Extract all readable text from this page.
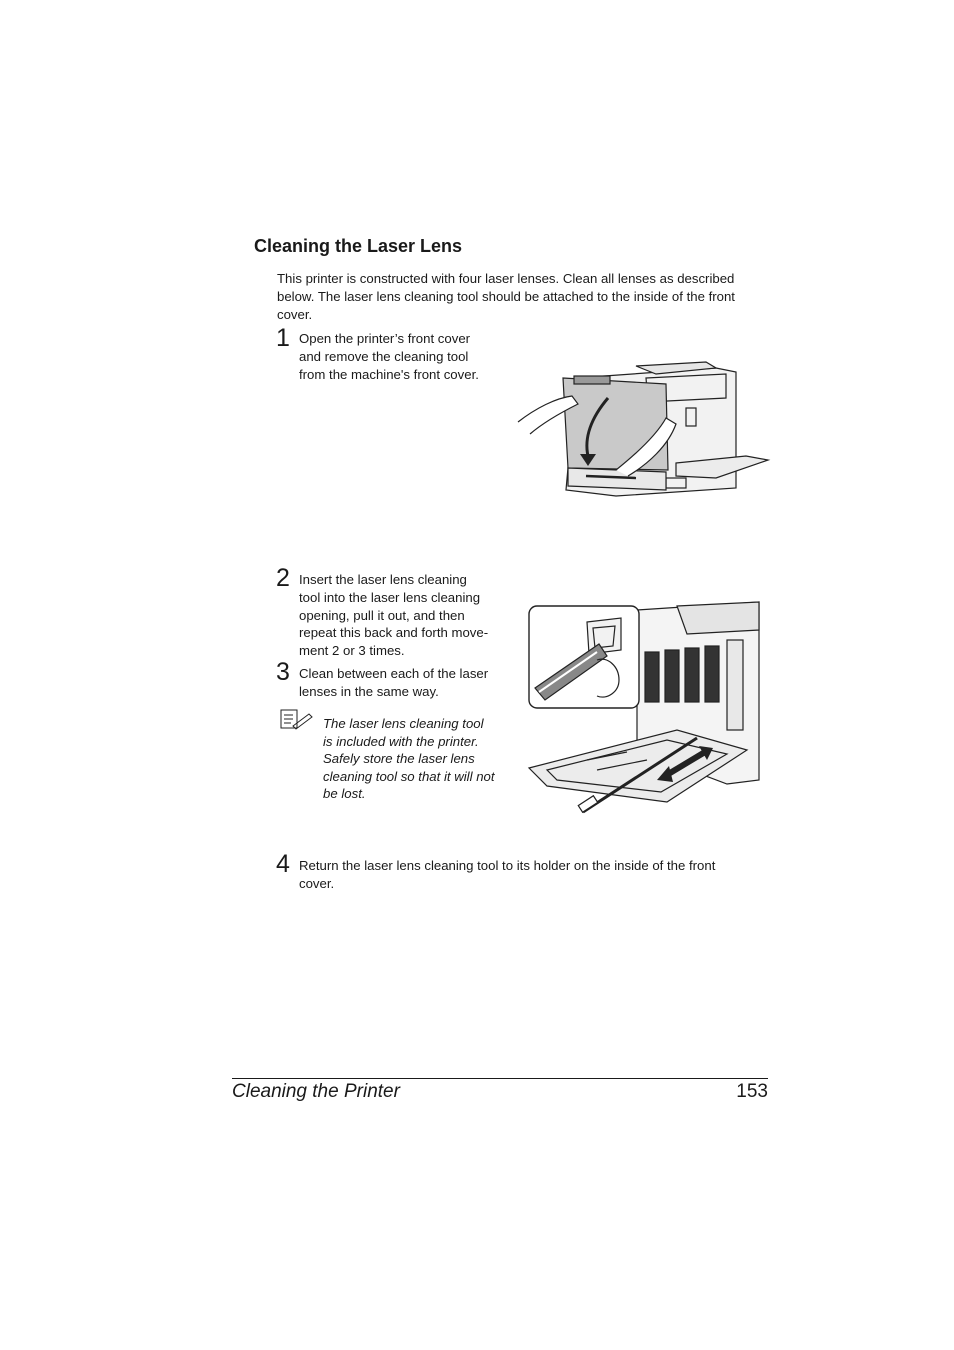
Cleaning the Laser Lens

This printer is constructed with four laser lenses. Clean all lenses as described below. The laser lens cleaning tool should be attached to the inside of the front cover.

1 Open the printer’s front cover

and remove the cleaning tool

from the machine's front cover.

2 Insert the laser lens cleaning

tool into the laser lens cleaning

opening, pull it out, and then

repeat this back and forth move-

ment 2 or 3 times.

3 Clean between each of the laser

lenses in the same way.

The laser lens cleaning tool

is included with the printer.

Safely store the laser lens

cleaning tool so that it will not

be lost.

4 Return the laser lens cleaning tool to its holder on the inside of the front

cover.

Cleaning the Printer	153
